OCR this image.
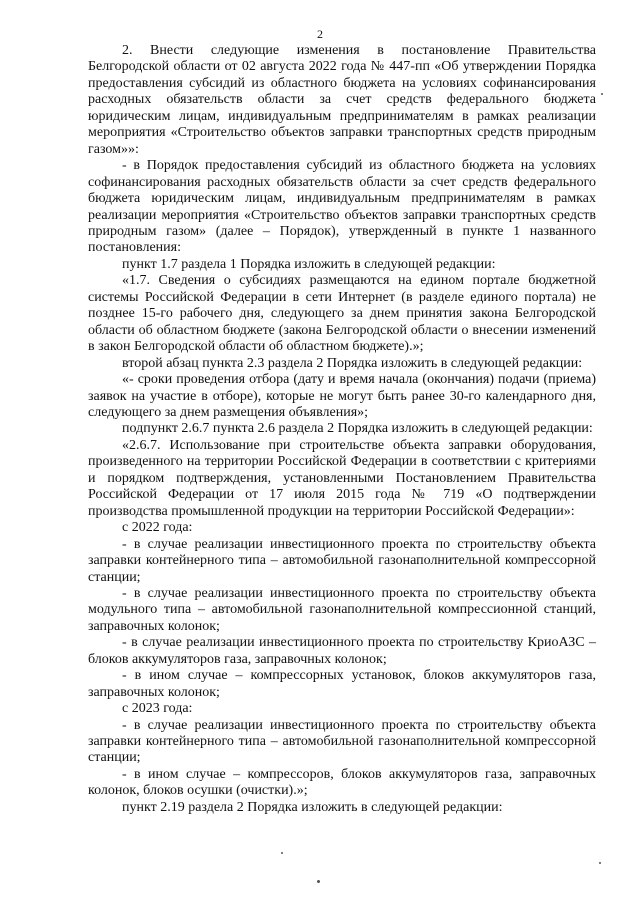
2

2. Внести следующие изменения в постановление Правительства Белгородской области от 02 августа 2022 года № 447-пп «Об утверждении Порядка предоставления субсидий из областного бюджета на условиях софинансирования расходных обязательств области за счет средств федерального бюджета юридическим лицам, индивидуальным предпринимателям в рамках реализации мероприятия «Строительство объектов заправки транспортных средств природным газом»»:

- в Порядок предоставления субсидий из областного бюджета на условиях софинансирования расходных обязательств области за счет средств федерального бюджета юридическим лицам, индивидуальным предпринимателям в рамках реализации мероприятия «Строительство объектов заправки транспортных средств природным газом» (далее – Порядок), утвержденный в пункте 1 названного постановления:

пункт 1.7 раздела 1 Порядка изложить в следующей редакции:

«1.7. Сведения о субсидиях размещаются на едином портале бюджетной системы Российской Федерации в сети Интернет (в разделе единого портала) не позднее 15-го рабочего дня, следующего за днем принятия закона Белгородской области об областном бюджете (закона Белгородской области о внесении изменений в закон Белгородской области об областном бюджете).»;

второй абзац пункта 2.3 раздела 2 Порядка изложить в следующей редакции:

«- сроки проведения отбора (дату и время начала (окончания) подачи (приема) заявок на участие в отборе), которые не могут быть ранее 30-го календарного дня, следующего за днем размещения объявления»;

подпункт 2.6.7 пункта 2.6 раздела 2 Порядка изложить в следующей редакции:

«2.6.7. Использование при строительстве объекта заправки оборудования, произведенного на территории Российской Федерации в соответствии с критериями и порядком подтверждения, установленными Постановлением Правительства Российской Федерации от 17 июля 2015 года № 719 «О подтверждении производства промышленной продукции на территории Российской Федерации»:

с 2022 года:

- в случае реализации инвестиционного проекта по строительству объекта заправки контейнерного типа – автомобильной газонаполнительной компрессорной станции;

- в случае реализации инвестиционного проекта по строительству объекта модульного типа – автомобильной газонаполнительной компрессионной станций, заправочных колонок;

- в случае реализации инвестиционного проекта по строительству КриоАЗС – блоков аккумуляторов газа, заправочных колонок;

- в ином случае – компрессорных установок, блоков аккумуляторов газа, заправочных колонок;

с 2023 года:

- в случае реализации инвестиционного проекта по строительству объекта заправки контейнерного типа – автомобильной газонаполнительной компрессорной станции;

- в ином случае – компрессоров, блоков аккумуляторов газа, заправочных колонок, блоков осушки (очистки).»;

пункт 2.19 раздела 2 Порядка изложить в следующей редакции:
